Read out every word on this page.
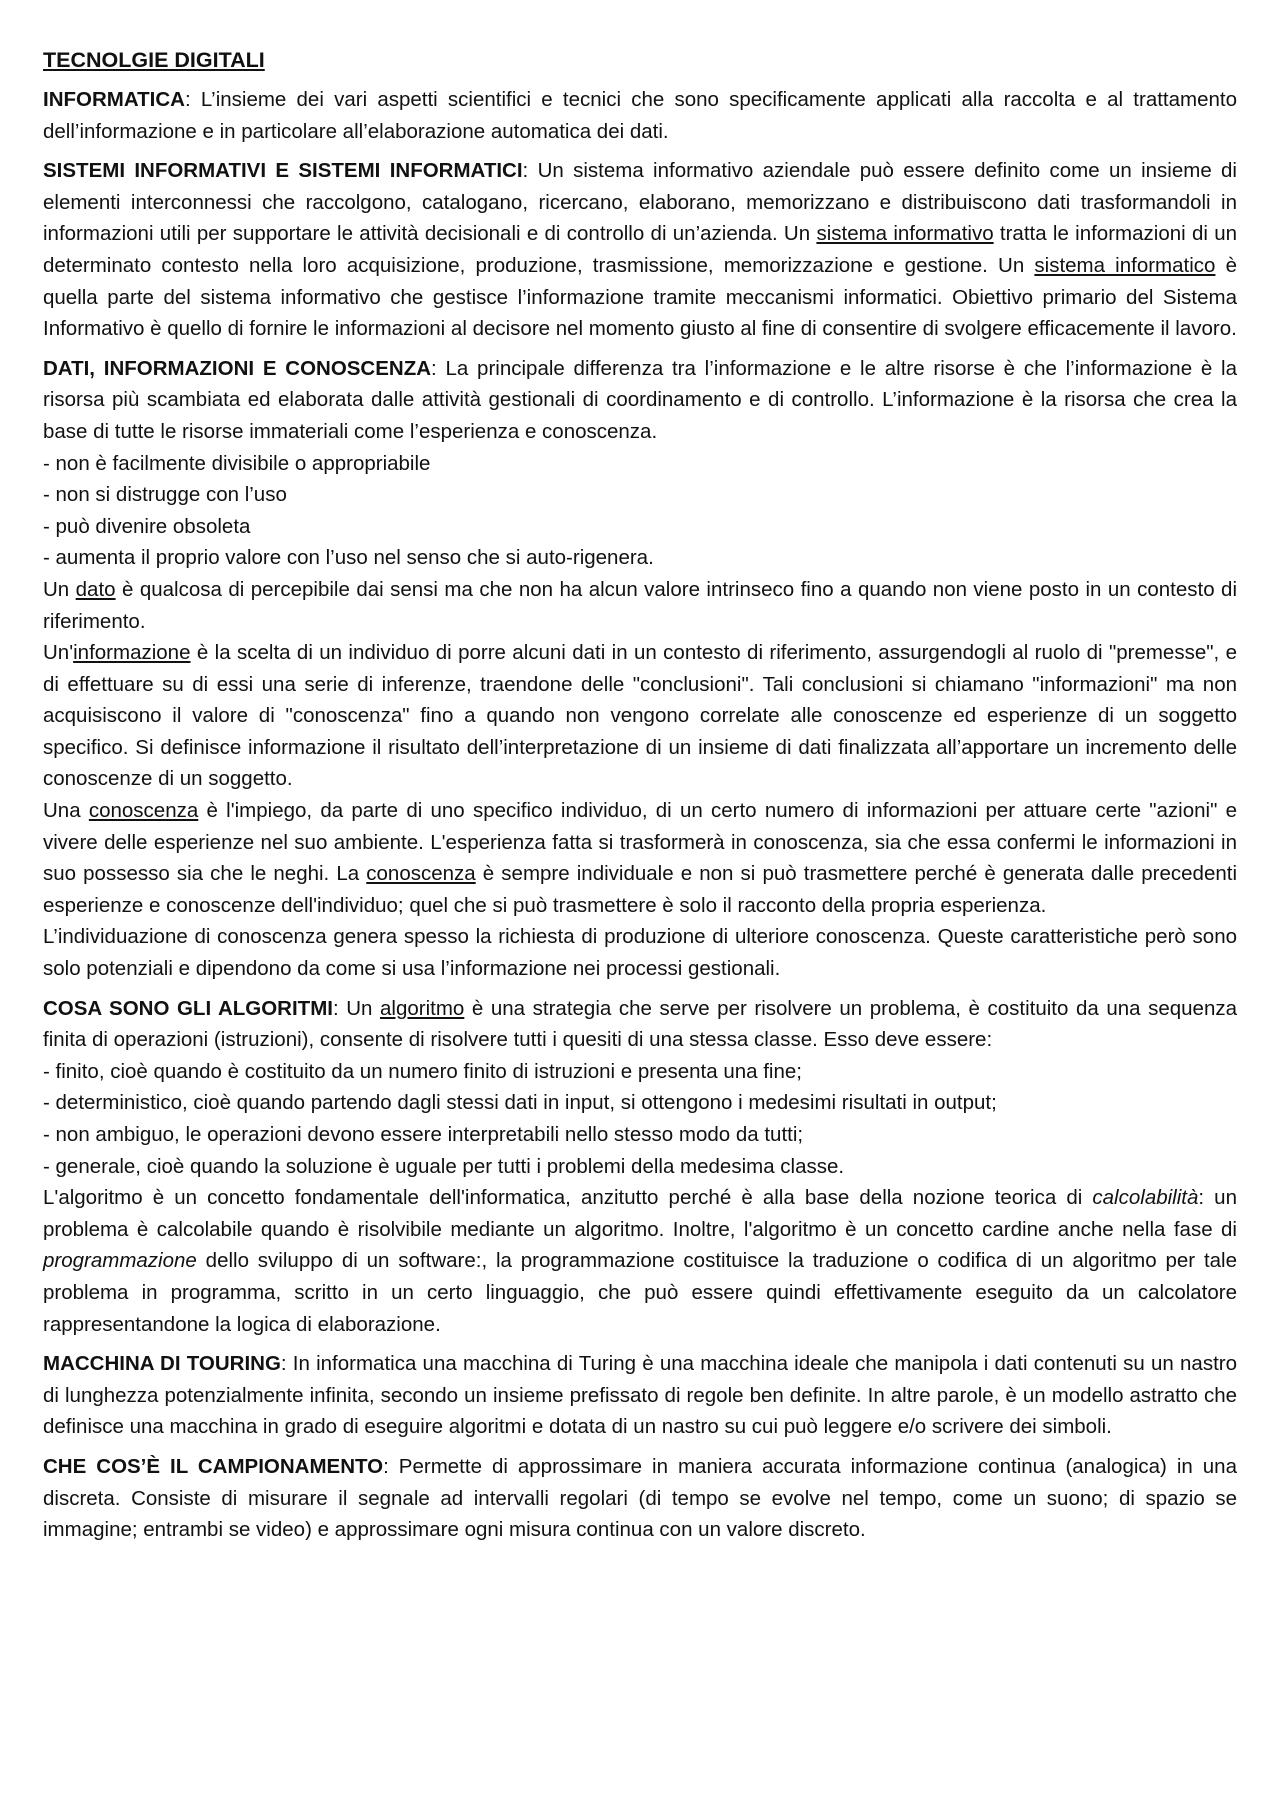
TECNOLGIE DIGITALI

INFORMATICA: L’insieme dei vari aspetti scientifici e tecnici che sono specificamente applicati alla raccolta e al trattamento dell’informazione e in particolare all’elaborazione automatica dei dati.

SISTEMI INFORMATIVI E SISTEMI INFORMATICI: Un sistema informativo aziendale può essere definito come un insieme di elementi interconnessi che raccolgono, catalogano, ricercano, elaborano, memorizzano e distribuiscono dati trasformandoli in informazioni utili per supportare le attività decisionali e di controllo di un’azienda. Un sistema informativo tratta le informazioni di un determinato contesto nella loro acquisizione, produzione, trasmissione, memorizzazione e gestione. Un sistema informatico è quella parte del sistema informativo che gestisce l’informazione tramite meccanismi informatici. Obiettivo primario del Sistema Informativo è quello di fornire le informazioni al decisore nel momento giusto al fine di consentire di svolgere efficacemente il lavoro.

DATI, INFORMAZIONI E CONOSCENZA: La principale differenza tra l’informazione e le altre risorse è che l’informazione è la risorsa più scambiata ed elaborata dalle attività gestionali di coordinamento e di controllo. L’informazione è la risorsa che crea la base di tutte le risorse immateriali come l’esperienza e conoscenza.

- non è facilmente divisibile o appropriabile
- non si distrugge con l’uso
- può divenire obsoleta
- aumenta il proprio valore con l’uso nel senso che si auto-rigenera.

Un dato è qualcosa di percepibile dai sensi ma che non ha alcun valore intrinseco fino a quando non viene posto in un contesto di riferimento.

Un'informazione è la scelta di un individuo di porre alcuni dati in un contesto di riferimento, assurgendogli al ruolo di "premesse", e di effettuare su di essi una serie di inferenze, traendone delle "conclusioni". Tali conclusioni si chiamano "informazioni" ma non acquisiscono il valore di "conoscenza" fino a quando non vengono correlate alle conoscenze ed esperienze di un soggetto specifico. Si definisce informazione il risultato dell’interpretazione di un insieme di dati finalizzata all’apportare un incremento delle conoscenze di un soggetto.

Una conoscenza è l'impiego, da parte di uno specifico individuo, di un certo numero di informazioni per attuare certe "azioni" e vivere delle esperienze nel suo ambiente. L'esperienza fatta si trasformerà in conoscenza, sia che essa confermi le informazioni in suo possesso sia che le neghi. La conoscenza è sempre individuale e non si può trasmettere perché è generata dalle precedenti esperienze e conoscenze dell'individuo; quel che si può trasmettere è solo il racconto della propria esperienza.

L’individuazione di conoscenza genera spesso la richiesta di produzione di ulteriore conoscenza. Queste caratteristiche però sono solo potenziali e dipendono da come si usa l’informazione nei processi gestionali.

COSA SONO GLI ALGORITMI: Un algoritmo è una strategia che serve per risolvere un problema, è costituito da una sequenza finita di operazioni (istruzioni), consente di risolvere tutti i quesiti di una stessa classe. Esso deve essere:

- finito, cioè quando è costituito da un numero finito di istruzioni e presenta una fine;
- deterministico, cioè quando partendo dagli stessi dati in input, si ottengono i medesimi risultati in output;
- non ambiguo, le operazioni devono essere interpretabili nello stesso modo da tutti;
- generale, cioè quando la soluzione è uguale per tutti i problemi della medesima classe.

L'algoritmo è un concetto fondamentale dell'informatica, anzitutto perché è alla base della nozione teorica di calcolabilità: un problema è calcolabile quando è risolvibile mediante un algoritmo. Inoltre, l'algoritmo è un concetto cardine anche nella fase di programmazione dello sviluppo di un software:, la programmazione costituisce la traduzione o codifica di un algoritmo per tale problema in programma, scritto in un certo linguaggio, che può essere quindi effettivamente eseguito da un calcolatore rappresentandone la logica di elaborazione.

MACCHINA DI TOURING: In informatica una macchina di Turing è una macchina ideale che manipola i dati contenuti su un nastro di lunghezza potenzialmente infinita, secondo un insieme prefissato di regole ben definite. In altre parole, è un modello astratto che definisce una macchina in grado di eseguire algoritmi e dotata di un nastro su cui può leggere e/o scrivere dei simboli.

CHE COS’È IL CAMPIONAMENTO: Permette di approssimare in maniera accurata informazione continua (analogica) in una discreta. Consiste di misurare il segnale ad intervalli regolari (di tempo se evolve nel tempo, come un suono; di spazio se immagine; entrambi se video) e approssimare ogni misura continua con un valore discreto.
